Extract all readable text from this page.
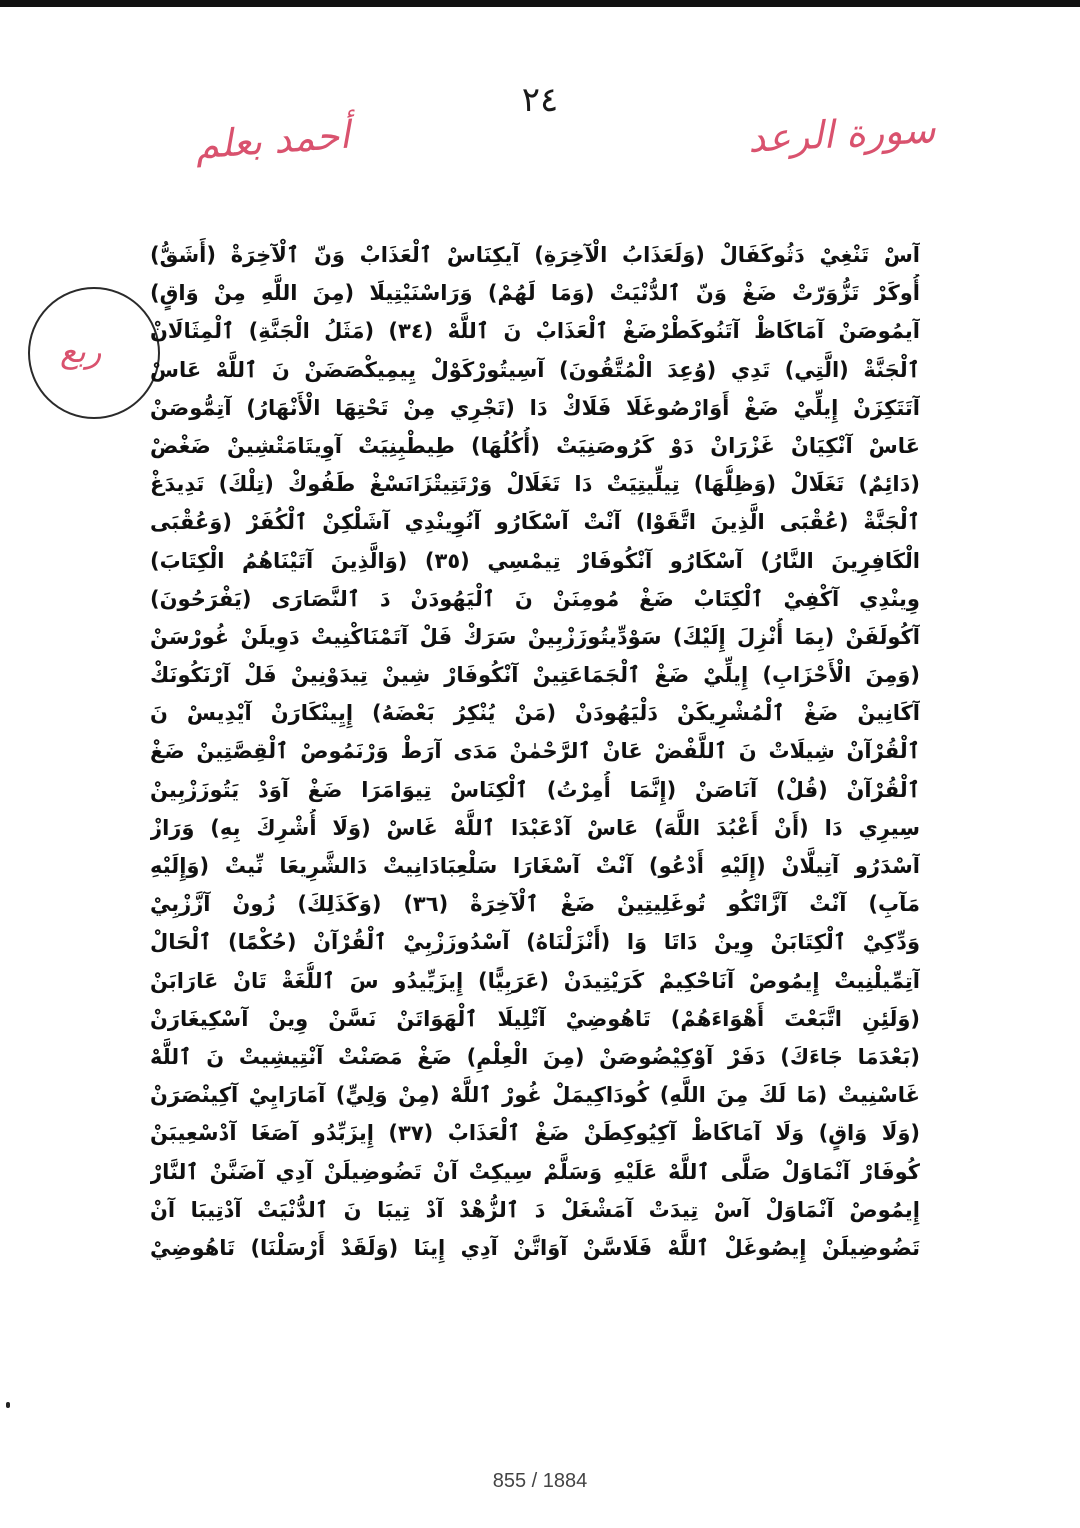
٢٤
أحمد بعلم	سورة الرعد
ربع
آسْ تَنْغِيْ دَثُوكَفَالْ (وَلَعَذَابُ الْآخِرَةِ) آيكِنَاسْ ٱلْعَذَابْ وَنّ ٱلْآخِرَةْ (أَشَقُّ)
أُوكَرْ تَزُّوَرّتْ ضَغْ وَنّ ٱلدُّنْيَتْ (وَمَا لَهُمْ) وَرَاسْنَيْتِيلَا (مِنَ اللَّهِ مِنْ وَاقٍ)
آيمُوصَنْ آمَاكَاظْ آتَنُوكَطْرْضَغْ ٱلْعَذَابْ نَ ٱللَّهْ (٣٤) (مَثَلُ الْجَنَّةِ) ٱلْمِثَالَانْ
ٱلْجَنَّةْ (الَّتِي) تَدِي (وُعِدَ الْمُتَّقُونَ) آسِيتُورْكَوْلْ يِيمِيكْصَضَنْ نَ ٱللَّهْ عَاسْ
آتَتَكِزَنْ إِيلِّيْ ضَغْ أَوَارْصُوغَلَا فَلَاكْ دَا (تَجْرِي مِنْ تَحْتِهَا الْأَنْهَارُ) آتِمُّوصَنْ
عَاسْ آنْكِيَانْ غَزْرَانْ دَوْ كَرُوصَنِيَتْ (أُكُلُهَا) طِيطْبِنِيَتْ آوِيتَامَتْشِينْ ضَغْضْ
(دَائِمٌ) تَغَلَالْ (وَظِلُّهَا) تِيلِّيتِيَتْ دَا تَغَلَالْ وَرْتَتِيتْزَانَسْغْ طَفُوكْ (تِلْكَ) تَدِيدَغْ
ٱلْجَنَّةْ (عُقْبَى الَّذِينَ اتَّقَوْا) آنْتْ آسْكَارُو آنُوِينْدِي آشَلْكِنْ ٱلْكُفَرْ (وَعُقْبَى
الْكَافِرِينَ النَّارُ) آسْكَارُو آنْكُوفَارْ تِيمْسِي (٣٥) (وَالَّذِينَ آتَيْنَاهُمُ الْكِتَابَ)
وِينْدِي آكْفِيْ ٱلْكِتَابْ ضَغْ مُومِنَنْ نَ ٱلْيَهُودَنْ دَ ٱلنَّصَارَى (يَفْرَحُونَ)
آكُولَفَنْ (بِمَا أُنْزِلَ إِلَيْكَ) سَوْدِّيتُوزَزْبِينْ سَرَكْ فَلْ آتَمْنَاكْنِيتْ دَوِيلَنْ غُورْسَنْ
(وَمِنَ الْأَحْزَابِ) إِيلِّيْ ضَغْ ٱلْجَمَاعَتِينْ آنْكُوفَارْ شِينْ تِيدَوْنِينْ فَلْ آرْنَكُونَكْ
آكَانِينْ ضَغْ ٱلْمُشْرِيكَنْ دَلْيَهُودَنْ (مَنْ يُنْكِرُ بَعْضَهُ) إِيِينْكَارَنْ آيْدِيسْ نَ
ٱلْقُرْآنْ شِيلَاتْ نَ ٱللَّفْضْ عَانْ ٱلرَّحْمٰنْ مَدَى آرَطْ وَرْنَمُوصْ ٱلْقِصَّتِينْ ضَغْ
ٱلْقُرْآنْ (قُلْ) آنَاصَنْ (إِنَّمَا أُمِرْتُ) ٱلْكِنَاسْ تِيوَامَرَا ضَغْ آوَدْ يَتُوزَزْبِينْ
سِيرِي دَا (أَنْ أَعْبُدَ اللَّهَ) عَاسْ آدْعَبْدَا ٱللَّهْ غَاسْ (وَلَا أُشْرِكَ بِهِ) وَرَازْ
آسْدَرُو آتِيلَّانْ (إِلَيْهِ أَدْعُو) آنْتْ آسْغَارَا سَلْعِبَادَانِيتْ دَالشَّرِيعَا نِّيتْ (وَإِلَيْهِ
مَآبِ) آنْتْ آزَّاتْكُو تُوغَلِيتِينْ ضَغْ ٱلْآخِرَةْ (٣٦) (وَكَذَلِكَ) زُونْ آزَّزْبِيْ
وَدِّكِيْ ٱلْكِتَابَنْ وِينْ دَاتَا وَا (أَنْزَلْنَاهُ) آسْدُوزَزْبِيْ ٱلْقُرْآنْ (حُكْمًا) ٱلْحَالْ
آتِمِّيلْنِيتْ إِيمُوصْ آنَاحْكِيمْ كَرَيْتِيدَنْ (عَرَبِيًّا) إِيزَيِّيدُو سَ ٱللُّغَةْ تَانْ عَارَابَنْ
(وَلَئِنِ اتَّبَعْتَ أَهْوَاءَهُمْ) تَاهُوضِيْ آتْلِيلَا ٱلْهَوَاتَنْ نَسَّنْ وِينْ آسْكِيغَارَنْ
(بَعْدَمَا جَاءَكَ) دَفَرْ آوْكِيْضُوصَنْ (مِنَ الْعِلْمِ) ضَغْ مَصَنْتْ آنْتِيشِيتْ نَ ٱللَّهْ
غَاسْنِيتْ (مَا لَكَ مِنَ اللَّهِ) كُودَاكِيمَلْ غُورْ ٱللَّهْ (مِنْ وَلِيٍّ) آمَارَايِيْ آكِينْصَرَنْ
(وَلَا وَاقٍ) وَلَا آمَاكَاظْ آكِيُوكِطَنْ ضَغْ ٱلْعَذَابْ (٣٧) إِيزَبِّدُو آصَغَا آدْسْعِيبَنْ
كُوفَارْ آنْمَاوَلْ صَلَّى ٱللَّهْ عَلَيْهِ وَسَلَّمْ سِيكِتْ آنْ تَضُوضِيلَنْ آدِي آضَنَّنْ ٱلنَّارْ
إِيمُوصْ آنْمَاوَلْ آسْ تِيدَتْ آمَشْغَلْ دَ ٱلزُّهْدْ آدْ تِيبَا نَ ٱلدُّنْيَتْ آدْتِيبَا آنْ
تَضُوضِيلَنْ إِيصُوغَلْ ٱللَّهْ فَلَاسَّنْ آوَاتَّنْ آدِي إِينَا (وَلَقَدْ أَرْسَلْنَا) تَاهُوضِيْ
855 / 1884
